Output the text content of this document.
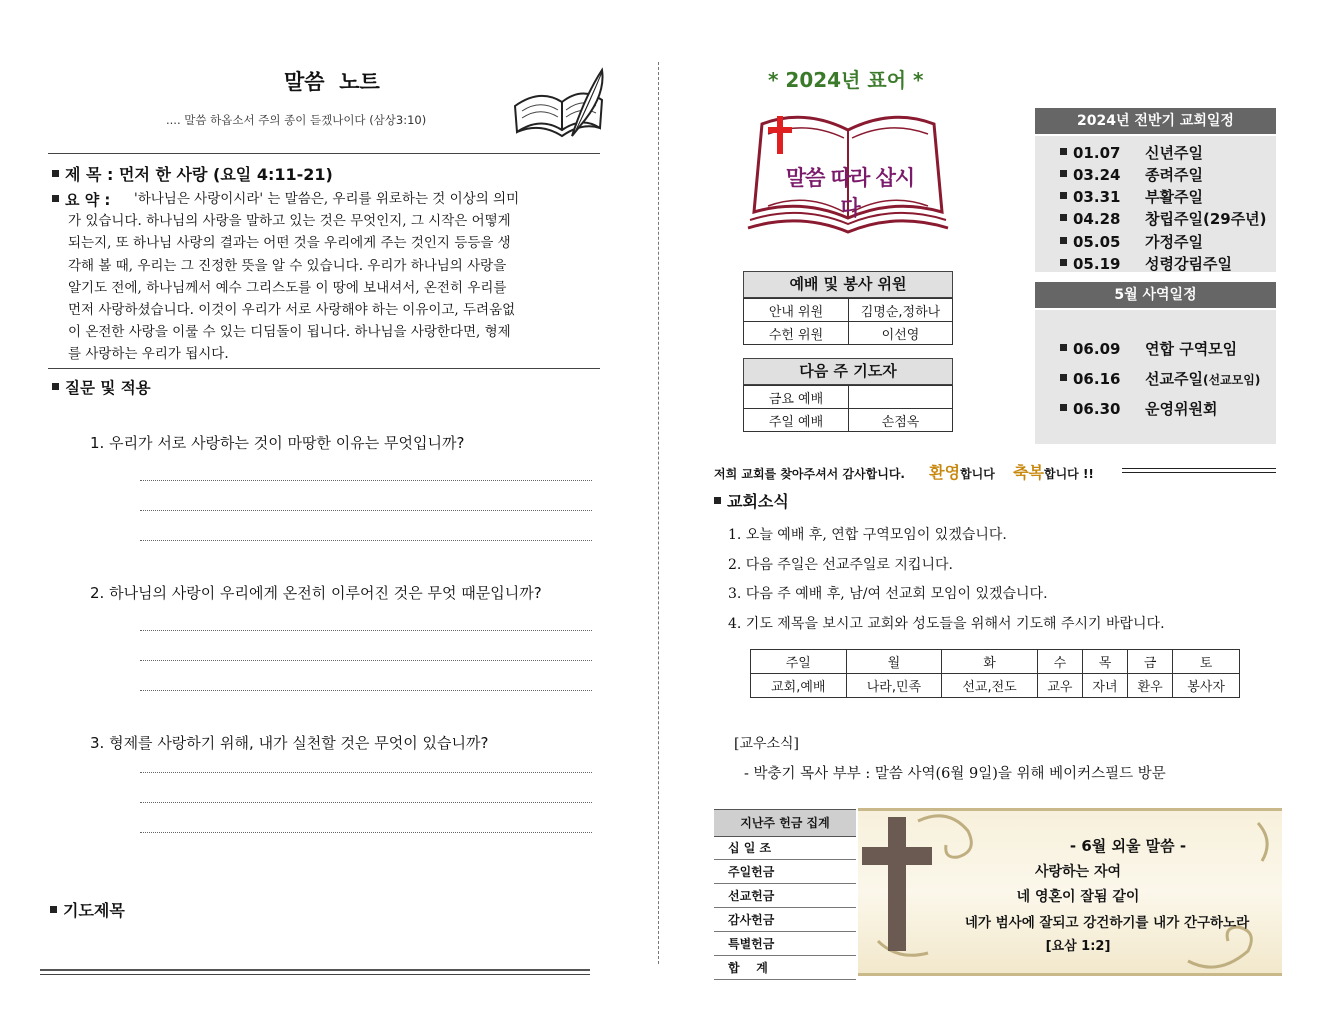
말씀  노트
.... 말씀 하옵소서 주의 종이 듣겠나이다 (삼상3:10)
제 목 : 먼저 한 사랑 (요일 4:11-21)
요 약 :	'하나님은 사랑이시라' 는 말씀은, 우리를 위로하는 것 이상의 의미
가 있습니다. 하나님의 사랑을 말하고 있는 것은 무엇인지, 그 시작은 어떻게
되는지, 또 하나님 사랑의 결과는 어떤 것을 우리에게 주는 것인지 등등을 생
각해 볼 때, 우리는 그 진정한 뜻을 알 수 있습니다. 우리가 하나님의 사랑을
알기도 전에, 하나님께서 예수 그리스도를 이 땅에 보내셔서, 온전히 우리를
먼저 사랑하셨습니다. 이것이 우리가 서로 사랑해야 하는 이유이고, 두려움없
이 온전한 사랑을 이룰 수 있는 디딤돌이 됩니다. 하나님을 사랑한다면, 형제
를 사랑하는 우리가 됩시다.
질문 및 적용
1. 우리가 서로 사랑하는 것이 마땅한 이유는 무엇입니까?
2. 하나님의 사랑이 우리에게 온전히 이루어진 것은 무엇 때문입니까?
3. 형제를 사랑하기 위해, 내가 실천할 것은 무엇이 있습니까?
기도제목
* 2024년 표어 *
말씀 따라 삽시다
예배 및 봉사 위원
안내 위원	김명순,정하나
수헌 위원	이선영
다음 주 기도자
금요 예배	
주일 예배	손점옥
2024년 전반기 교회일정
01.07 신년주일
03.24 종려주일
03.31 부활주일
04.28 창립주일(29주년)
05.05 가정주일
05.19 성령강림주일
5월 사역일정
06.09 연합 구역모임
06.16 선교주일(선교모임)
06.30 운영위원회
저희 교회를 찾아주셔서 감사합니다. 환영합니다 축복합니다 !!
교회소식
1. 오늘 예배 후, 연합 구역모임이 있겠습니다.
2. 다음 주일은 선교주일로 지킵니다.
3. 다음 주 예배 후, 남/여 선교회 모임이 있겠습니다.
4. 기도 제목을 보시고 교회와 성도들을 위해서 기도해 주시기 바랍니다.
주일	월	화	수	목	금	토
교회,예배	나라,민족	선교,전도	교우	자녀	환우	봉사자
[교우소식]
- 박충기 목사 부부 : 말씀 사역(6월 9일)을 위해 베이커스필드 방문
지난주 헌금 집계
십 일 조
주일헌금
선교헌금
감사헌금
특별헌금
합    계
- 6월 외울 말씀 -
사랑하는 자여
네 영혼이 잘됨 같이
네가 범사에 잘되고 강건하기를 내가 간구하노라
[요삼 1:2]
